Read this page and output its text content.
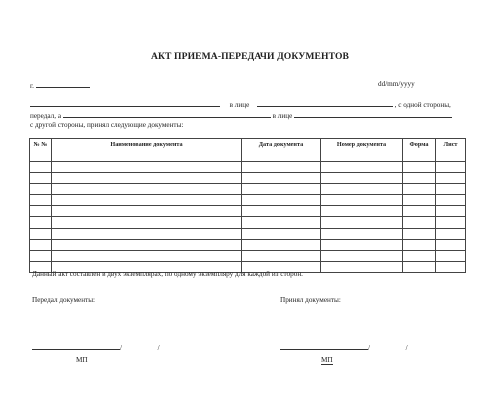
АКТ ПРИЕМА-ПЕРЕДАЧИ ДОКУМЕНТОВ
г.	dd/mm/yyyy
в лице	, с одной стороны,
передал, а	в лице
с другой стороны, принял следующие документы:
№ №	Наименование документа	Дата документа	Номер документа	Форма	Лист

Данный акт составлен в двух экземплярах, по одному экземпляру для каждой из сторон.
Передал документы:	Принял документы:
/	/	/	/
МП	МП
